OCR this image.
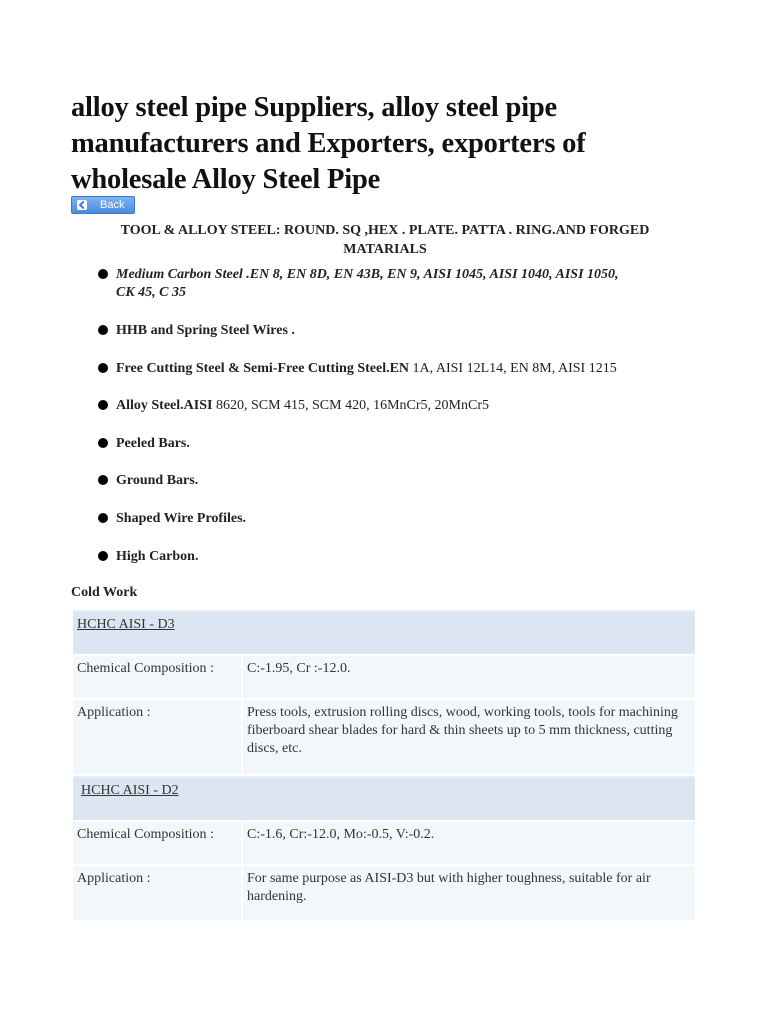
alloy steel pipe Suppliers, alloy steel pipe manufacturers and Exporters, exporters of wholesale Alloy Steel Pipe
Back
TOOL & ALLOY STEEL: ROUND. SQ ,HEX . PLATE. PATTA . RING.AND FORGED MATARIALS
Medium Carbon Steel .EN 8, EN 8D, EN 43B, EN 9, AISI 1045, AISI 1040, AISI 1050, CK 45, C 35
HHB and Spring Steel Wires .
Free Cutting Steel & Semi-Free Cutting Steel.EN 1A, AISI 12L14, EN 8M, AISI 1215
Alloy Steel.AISI 8620, SCM 415, SCM 420, 16MnCr5, 20MnCr5
Peeled Bars.
Ground Bars.
Shaped Wire Profiles.
High Carbon.
Cold Work
HCHC AISI - D3	
Chemical Composition :	C:-1.95, Cr :-12.0.
Application :	Press tools, extrusion rolling discs, wood, working tools, tools for machining fiberboard shear blades for hard & thin sheets up to 5 mm thickness, cutting discs, etc.
HCHC AISI - D2	
Chemical Composition :	C:-1.6, Cr:-12.0, Mo:-0.5, V:-0.2.
Application :	For same purpose as AISI-D3 but with higher toughness, suitable for air hardening.
